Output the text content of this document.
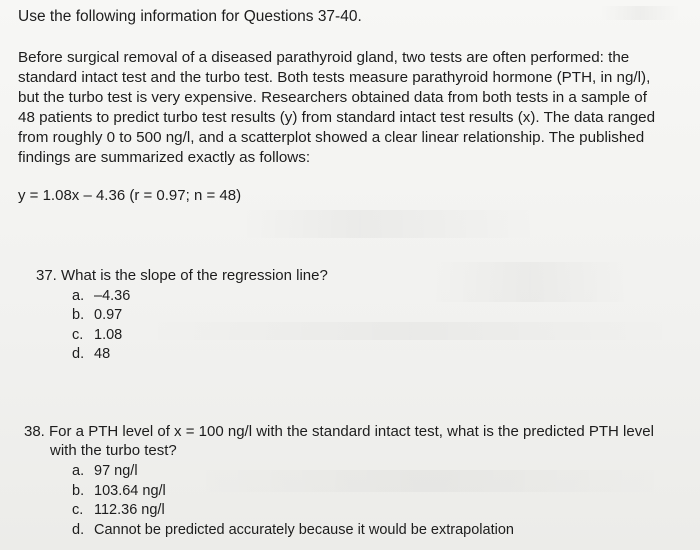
Use the following information for Questions 37-40.
Before surgical removal of a diseased parathyroid gland, two tests are often performed: the
standard intact test and the turbo test. Both tests measure parathyroid hormone (PTH, in ng/l),
but the turbo test is very expensive. Researchers obtained data from both tests in a sample of
48 patients to predict turbo test results (y) from standard intact test results (x). The data ranged
from roughly 0 to 500 ng/l, and a scatterplot showed a clear linear relationship. The published
findings are summarized exactly as follows:
y = 1.08x – 4.36 (r = 0.97; n = 48)
37. What is the slope of the regression line?
a. –4.36
b. 0.97
c. 1.08
d. 48
38. For a PTH level of x = 100 ng/l with the standard intact test, what is the predicted PTH level
with the turbo test?
a. 97 ng/l
b. 103.64 ng/l
c. 112.36 ng/l
d. Cannot be predicted accurately because it would be extrapolation
